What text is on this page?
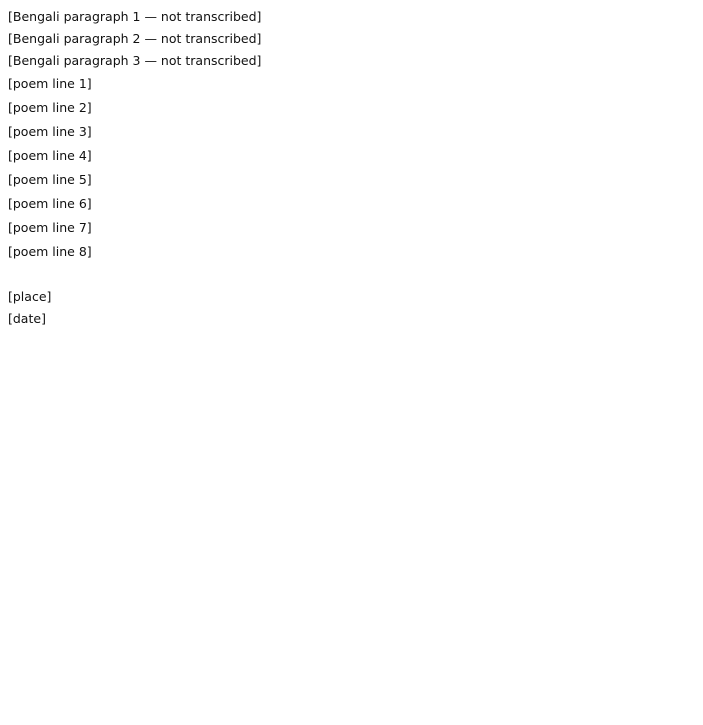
[Bengali paragraph 1 — not transcribed]

[Bengali paragraph 2 — not transcribed]

[Bengali paragraph 3 — not transcribed]

[poem line 1]

[poem line 2]

[poem line 3]

[poem line 4]

[poem line 5]

[poem line 6]

[poem line 7]

[poem line 8]

[place]

[date]
